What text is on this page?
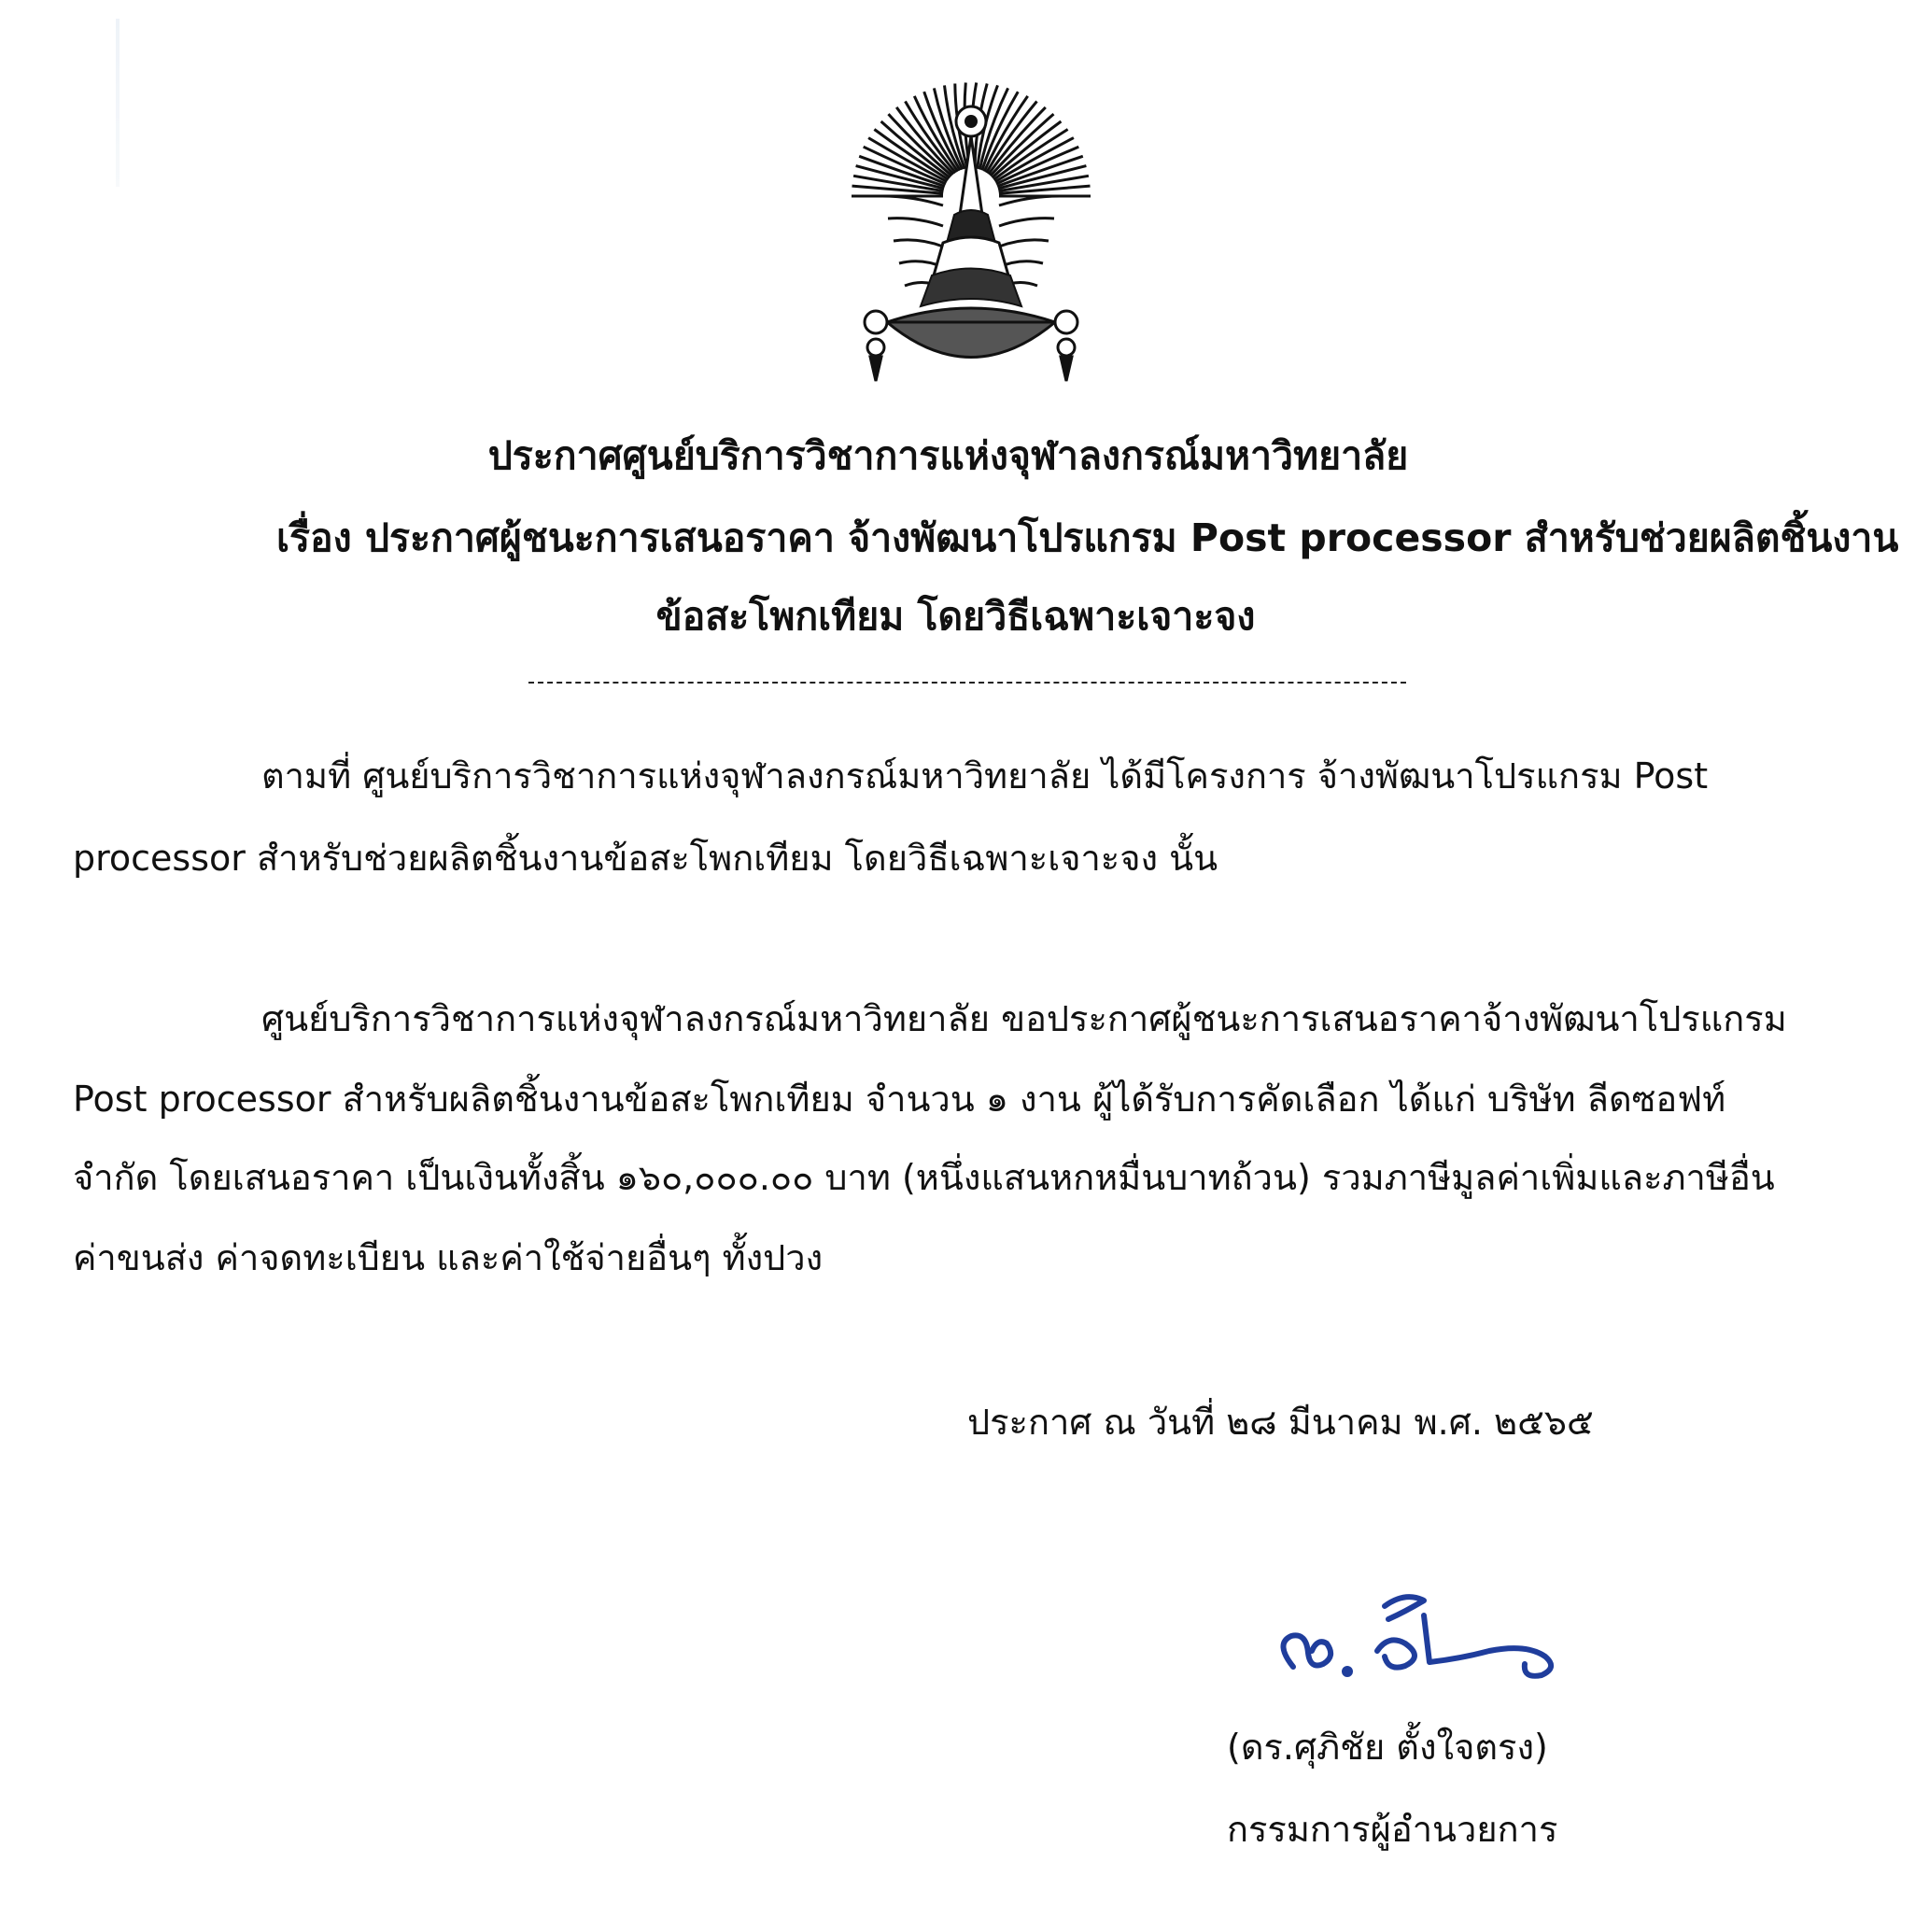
ประกาศศูนย์บริการวิชาการแห่งจุฬาลงกรณ์มหาวิทยาลัย
เรื่อง ประกาศผู้ชนะการเสนอราคา จ้างพัฒนาโปรแกรม Post processor สำหรับช่วยผลิตชิ้นงาน
ข้อสะโพกเทียม โดยวิธีเฉพาะเจาะจง
ตามที่ ศูนย์บริการวิชาการแห่งจุฬาลงกรณ์มหาวิทยาลัย ได้มีโครงการ จ้างพัฒนาโปรแกรม Post
processor สำหรับช่วยผลิตชิ้นงานข้อสะโพกเทียม โดยวิธีเฉพาะเจาะจง นั้น
ศูนย์บริการวิชาการแห่งจุฬาลงกรณ์มหาวิทยาลัย ขอประกาศผู้ชนะการเสนอราคาจ้างพัฒนาโปรแกรม
Post processor สำหรับผลิตชิ้นงานข้อสะโพกเทียม จำนวน ๑ งาน ผู้ได้รับการคัดเลือก ได้แก่ บริษัท ลีดซอฟท์
จำกัด โดยเสนอราคา เป็นเงินทั้งสิ้น ๑๖๐,๐๐๐.๐๐ บาท (หนึ่งแสนหกหมื่นบาทถ้วน) รวมภาษีมูลค่าเพิ่มและภาษีอื่น
ค่าขนส่ง ค่าจดทะเบียน และค่าใช้จ่ายอื่นๆ ทั้งปวง
ประกาศ ณ วันที่ ๒๘ มีนาคม พ.ศ. ๒๕๖๕
(ดร.ศุภิชัย ตั้งใจตรง)
กรรมการผู้อำนวยการ
